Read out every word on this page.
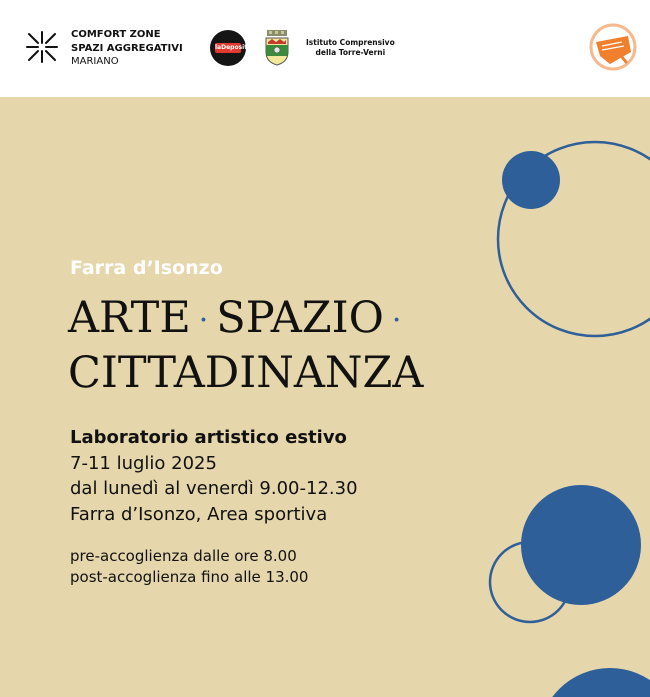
COMFORT ZONE
SPAZI AGGREGATIVI
MARIANO
laDeposito
Istituto Comprensivo
della Torre-Verni
Farra d’Isonzo
ARTE · SPAZIO ·
CITTADINANZA
Laboratorio artistico estivo
7-11 luglio 2025
dal lunedì al venerdì 9.00-12.30
Farra d’Isonzo, Area sportiva
pre-accoglienza dalle ore 8.00
post-accoglienza fino alle 13.00
